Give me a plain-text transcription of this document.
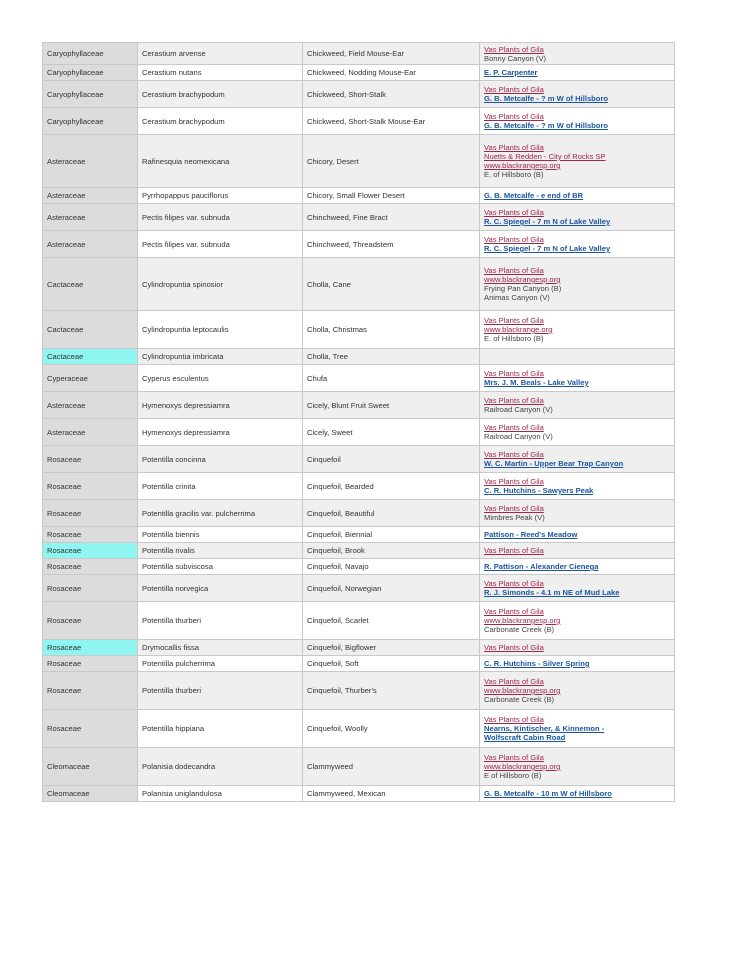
Caryophyllaceae	Cerastium arvense	Chickweed, Field Mouse-Ear	Vas Plants of Gila
Bonny Canyon (V)

Caryophyllaceae	Cerastium nutans	Chickweed, Nodding Mouse-Ear	E. P. Carpenter

Caryophyllaceae	Cerastium brachypodum	Chickweed, Short-Stalk	Vas Plants of Gila
G. B. Metcalfe - ? m W of Hillsboro

Caryophyllaceae	Cerastium brachypodum	Chickweed, Short-Stalk Mouse-Ear	Vas Plants of Gila
G. B. Metcalfe - ? m W of Hillsboro

Asteraceae	Rafinesquia neomexicana	Chicory, Desert	Vas Plants of Gila
Nuetts & Redden - City of Rocks SP
www.blackrangesp.org
E. of Hillsboro (B)

Asteraceae	Pyrrhopappus pauciflorus	Chicory, Small Flower Desert	G. B. Metcalfe - e end of BR

Asteraceae	Pectis filipes var. subnuda	Chinchweed, Fine Bract	Vas Plants of Gila
R. C. Spiegel - 7 m N of Lake Valley

Asteraceae	Pectis filipes var. subnuda	Chinchweed, Threadstem	Vas Plants of Gila
R. C. Spiegel - 7 m N of Lake Valley

Cactaceae	Cylindropuntia spinosior	Cholla, Cane	Vas Plants of Gila
www.blackrangesp.org
Frying Pan Canyon (B)
Animas Canyon (V)

Cactaceae	Cylindropuntia leptocaulis	Cholla, Christmas	Vas Plants of Gila
www.blackrange.org
E. of Hillsboro (B)

Cactaceae	Cylindropuntia imbricata	Cholla, Tree	
Cyperaceae	Cyperus esculentus	Chufa	Vas Plants of Gila
Mrs. J. M. Beals - Lake Valley

Asteraceae	Hymenoxys depressiamra	Cicely, Blunt Fruit Sweet	Vas Plants of Gila
Railroad Canyon (V)

Asteraceae	Hymenoxys depressiamra	Cicely, Sweet	Vas Plants of Gila
Railroad Canyon (V)

Rosaceae	Potentilla concinna	Cinquefoil	Vas Plants of Gila
W. C. Martin - Upper Bear Trap Canyon

Rosaceae	Potentilla crinita	Cinquefoil, Bearded	Vas Plants of Gila
C. R. Hutchins - Sawyers Peak

Rosaceae	Potentilla gracilis var. pulcherrima	Cinquefoil, Beautiful	Vas Plants of Gila
Mimbres Peak (V)

Rosaceae	Potentilla biennis	Cinquefoil, Biennial	Pattison - Reed's Meadow

Rosaceae	Potentilla rivalis	Cinquefoil, Brook	Vas Plants of Gila

Rosaceae	Potentilla subviscosa	Cinquefoil, Navajo	R. Pattison - Alexander Cienega

Rosaceae	Potentilla norvegica	Cinquefoil, Norwegian	Vas Plants of Gila
R. J. Simonds - 4.1 m NE of Mud Lake

Rosaceae	Potentilla thurberi	Cinquefoil, Scarlet	Vas Plants of Gila
www.blackrangesp.org
Carbonate Creek (B)

Rosaceae	Drymocallis fissa	Cinquefoil, Bigflower	Vas Plants of Gila

Rosaceae	Potentilla pulcherrima	Cinquefoil, Soft	C. R. Hutchins - Silver Spring

Rosaceae	Potentilla thurberi	Cinquefoil, Thurber's	Vas Plants of Gila
www.blackrangesp.org
Carbonate Creek (B)

Rosaceae	Potentilla hippiana	Cinquefoil, Woolly	Vas Plants of Gila
Nearns, Kintischer, & Kinnemon -
Wolfscraft Cabin Road

Cleomaceae	Polanisia dodecandra	Clammyweed	Vas Plants of Gila
www.blackrangesp.org
E of Hillsboro (B)

Cleomaceae	Polanisia uniglandulosa	Clammyweed, Mexican	G. B. Metcalfe - 10 m W of Hillsboro
